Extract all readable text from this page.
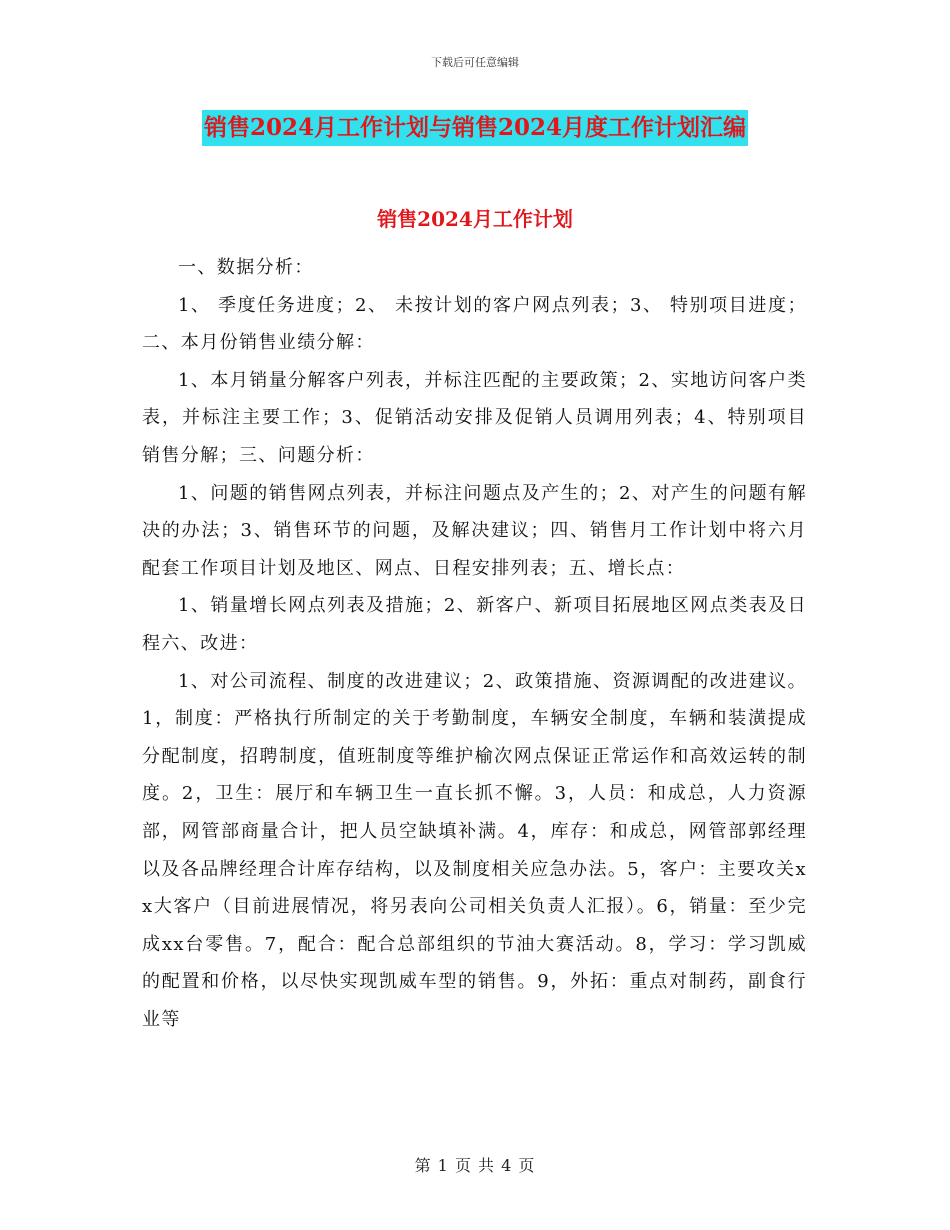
下载后可任意编辑
销售2024月工作计划与销售2024月度工作计划汇编
销售2024月工作计划

一、数据分析：

1、 季度任务进度；2、 未按计划的客户网点列表；3、 特别项目进度；二、本月份销售业绩分解：

1、本月销量分解客户列表，并标注匹配的主要政策；2、实地访问客户类表，并标注主要工作；3、促销活动安排及促销人员调用列表；4、特别项目销售分解；三、问题分析：

1、问题的销售网点列表，并标注问题点及产生的；2、对产生的问题有解决的办法；3、销售环节的问题，及解决建议；四、销售月工作计划中将六月配套工作项目计划及地区、网点、日程安排列表；五、增长点：

1、销量增长网点列表及措施；2、新客户、新项目拓展地区网点类表及日程六、改进：

1、对公司流程、制度的改进建议；2、政策措施、资源调配的改进建议。1，制度：严格执行所制定的关于考勤制度，车辆安全制度，车辆和装潢提成分配制度，招聘制度，值班制度等维护榆次网点保证正常运作和高效运转的制度。2，卫生：展厅和车辆卫生一直长抓不懈。3，人员：和成总，人力资源部，网管部商量合计，把人员空缺填补满。4，库存：和成总，网管部郭经理以及各品牌经理合计库存结构，以及制度相关应急办法。5，客户：主要攻关xx大客户（目前进展情况，将另表向公司相关负责人汇报）。6，销量：至少完成xx台零售。7，配合：配合总部组织的节油大赛活动。8，学习：学习凯威的配置和价格，以尽快实现凯威车型的销售。9，外拓：重点对制药，副食行业等

第 1 页 共 4 页
